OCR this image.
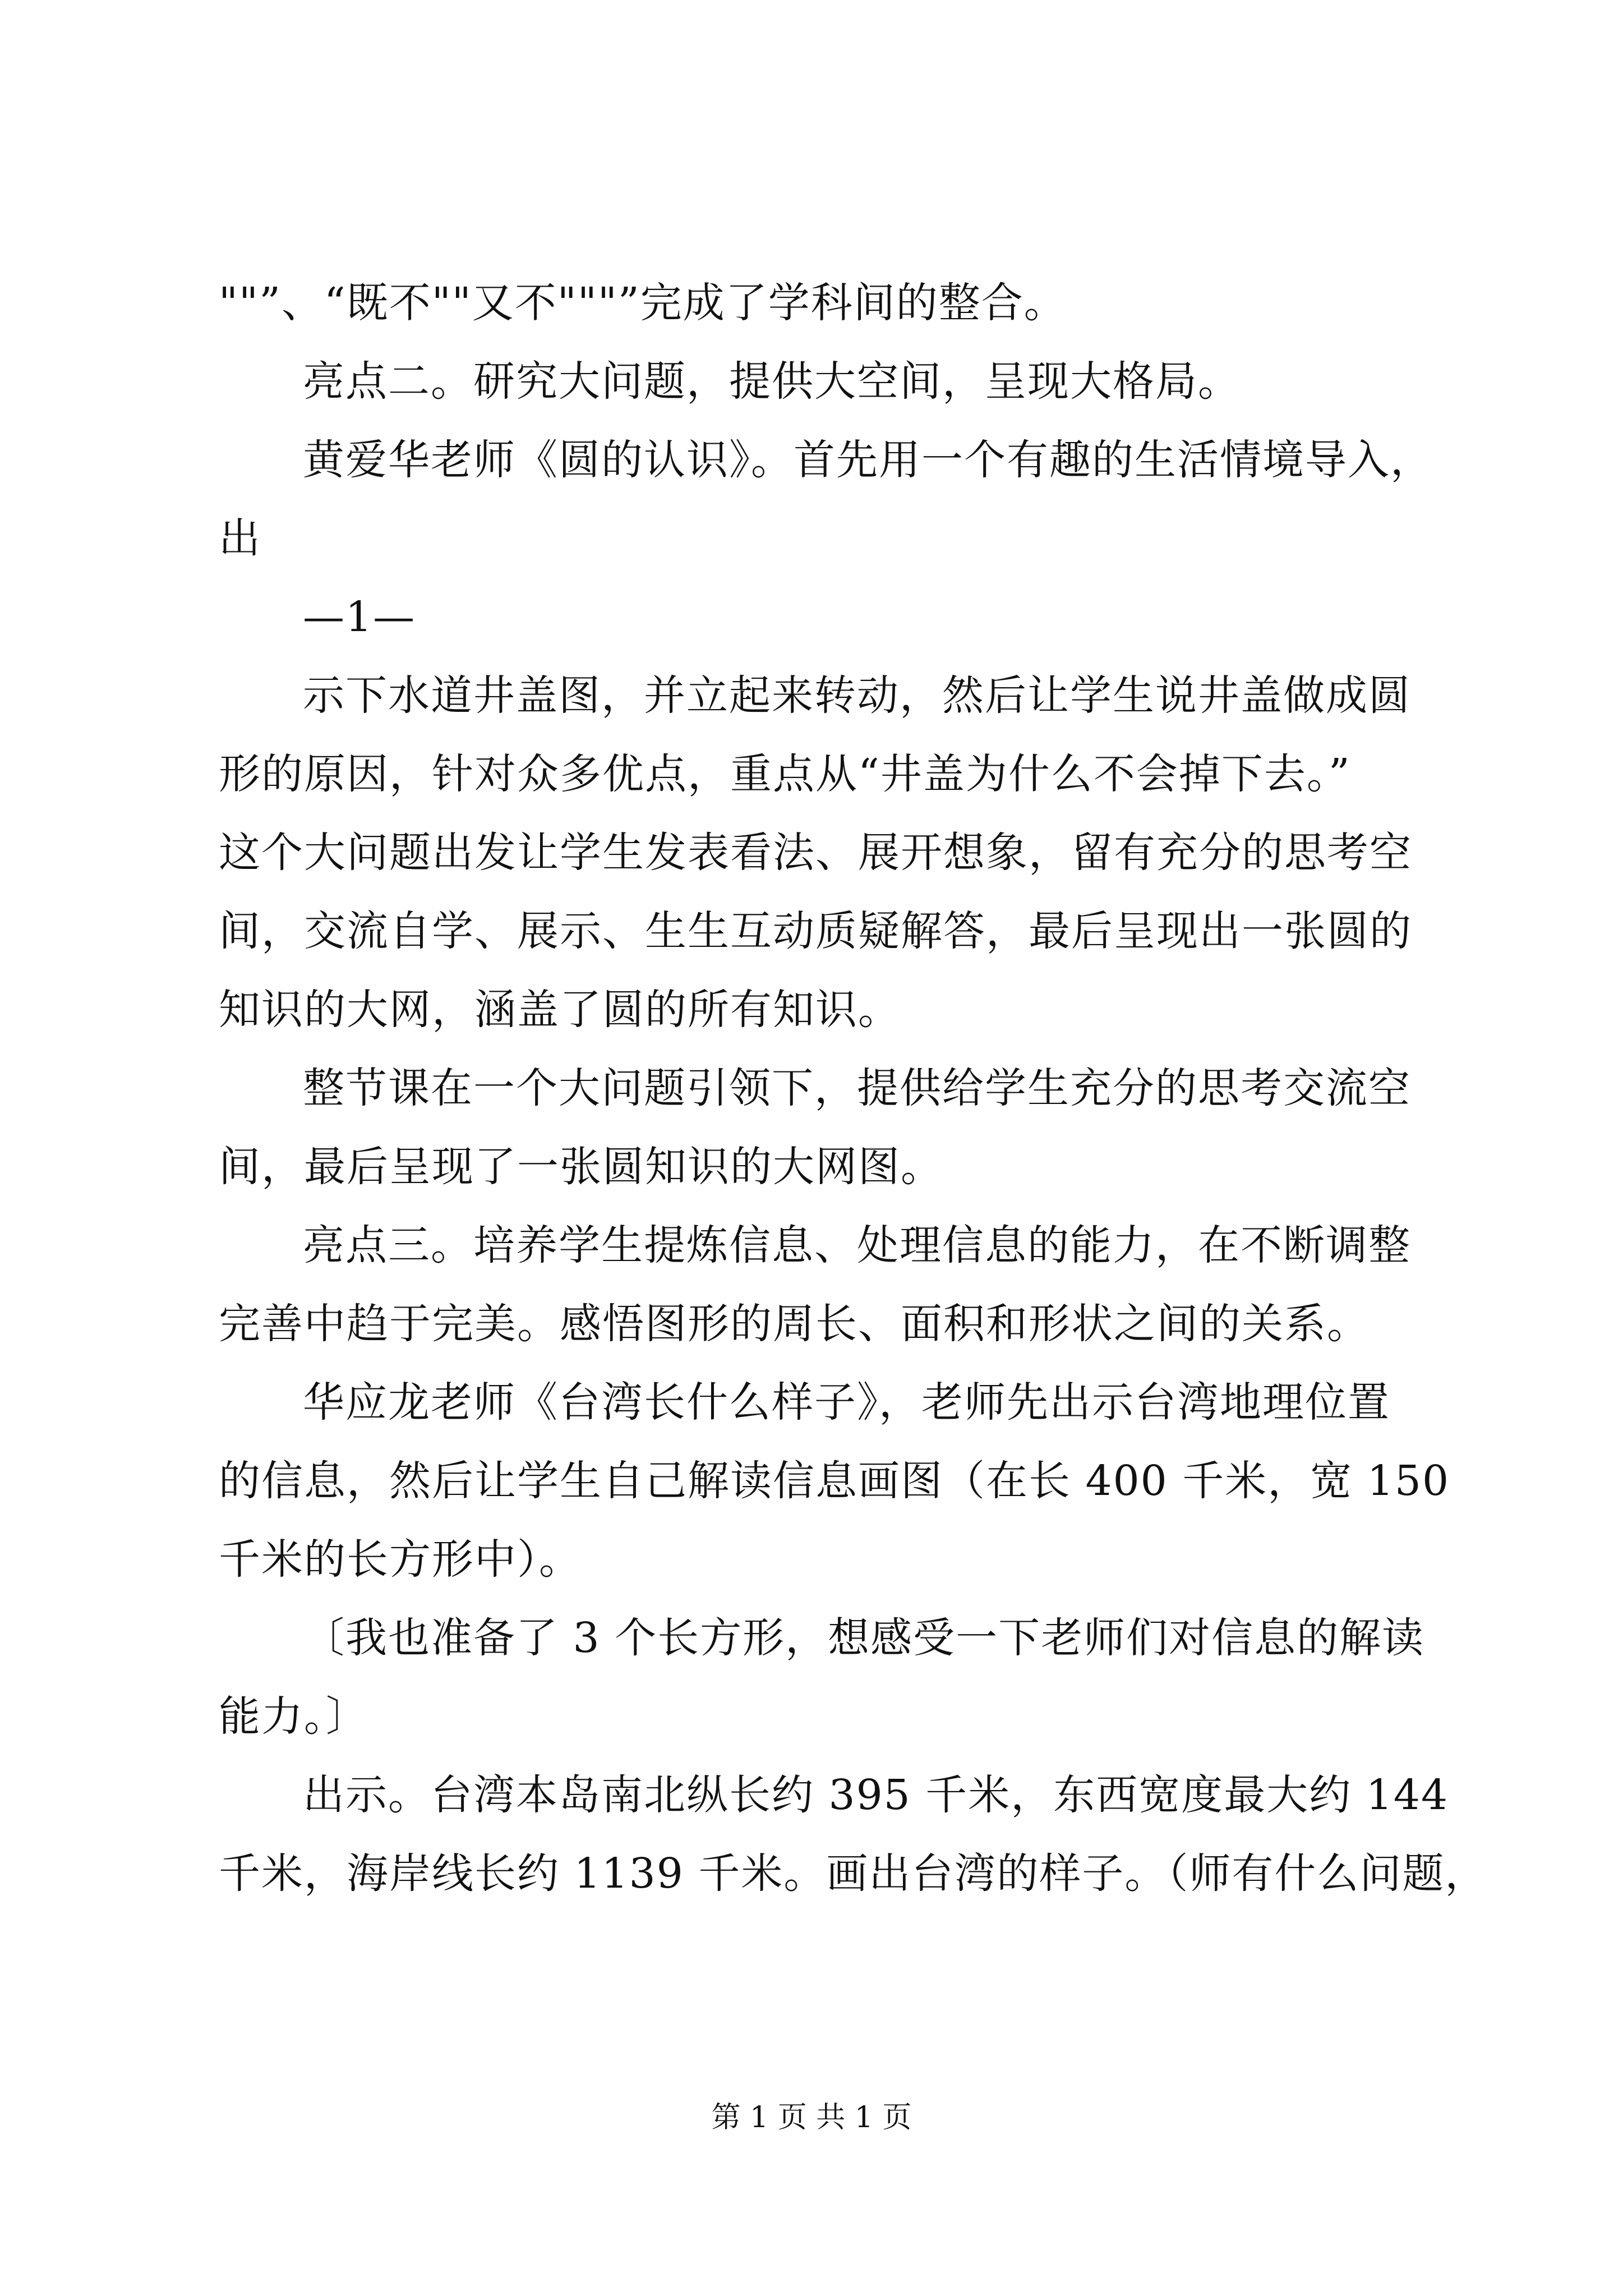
""”、“既不""又不"""”完成了学科间的整合。
亮点二。研究大问题，提供大空间，呈现大格局。
黄爱华老师《圆的认识》。首先用一个有趣的生活情境导入，
出
—1—
示下水道井盖图，并立起来转动，然后让学生说井盖做成圆
形的原因，针对众多优点，重点从“井盖为什么不会掉下去。”
这个大问题出发让学生发表看法、展开想象，留有充分的思考空
间，交流自学、展示、生生互动质疑解答，最后呈现出一张圆的
知识的大网，涵盖了圆的所有知识。
整节课在一个大问题引领下，提供给学生充分的思考交流空
间，最后呈现了一张圆知识的大网图。
亮点三。培养学生提炼信息、处理信息的能力，在不断调整
完善中趋于完美。感悟图形的周长、面积和形状之间的关系。
华应龙老师《台湾长什么样子》，老师先出示台湾地理位置
的信息，然后让学生自己解读信息画图（在长 400 千米，宽 150
千米的长方形中）。
〔我也准备了 3 个长方形，想感受一下老师们对信息的解读
能力。〕
出示。台湾本岛南北纵长约 395 千米，东西宽度最大约 144
千米，海岸线长约 1139 千米。画出台湾的样子。（师有什么问题，
第 1 页 共 1 页
